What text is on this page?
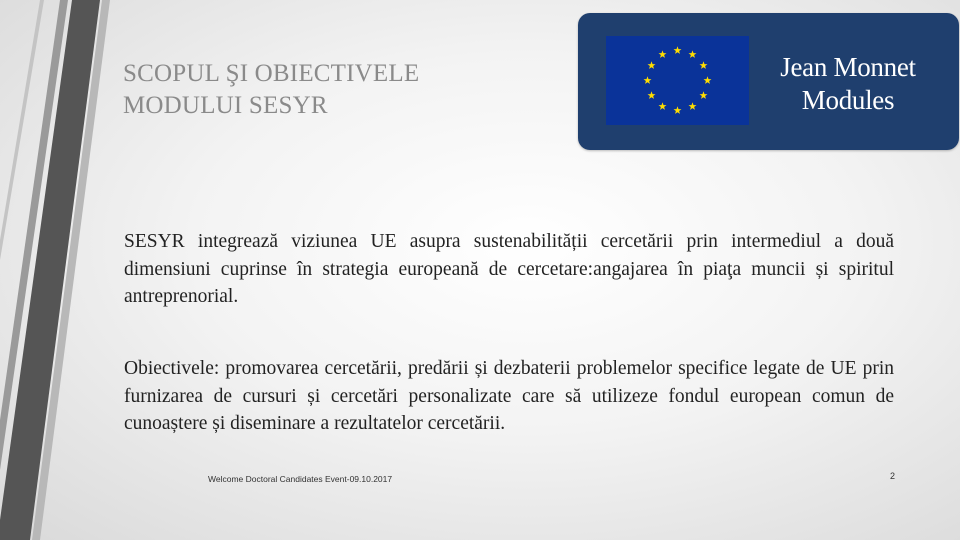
SCOPUL ŞI OBIECTIVELE
MODULUI SESYR
Jean Monnet
Modules

SESYR integrează viziunea UE asupra sustenabilității cercetării prin intermediul a două dimensiuni cuprinse în strategia europeană de cercetare:angajarea în piaţa muncii și spiritul antreprenorial.

Obiectivele: promovarea cercetării, predării și dezbaterii problemelor specifice legate de UE prin furnizarea de cursuri și cercetări personalizate care să utilizeze fondul european comun de cunoaștere și diseminare a rezultatelor cercetării.

Welcome Doctoral Candidates Event-09.10.2017	2
